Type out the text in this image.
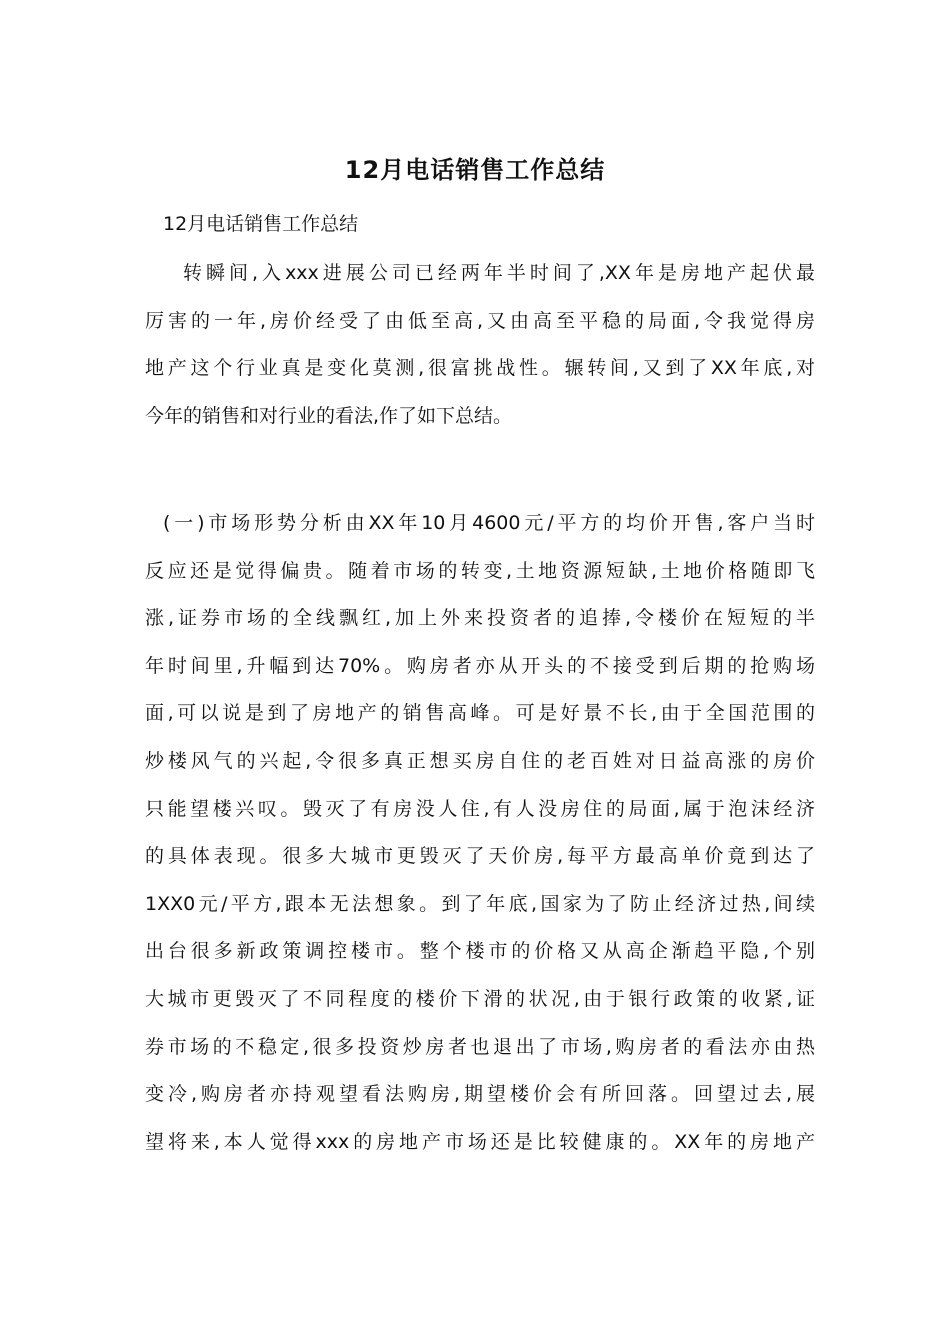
12月电话销售工作总结
12月电话销售工作总结
转瞬间,入xxx进展公司已经两年半时间了,XX年是房地产起伏最
厉害的一年,房价经受了由低至高,又由高至平稳的局面,令我觉得房
地产这个行业真是变化莫测,很富挑战性。辗转间,又到了XX年底,对
今年的销售和对行业的看法,作了如下总结。
(一)市场形势分析由XX年10月4600元/平方的均价开售,客户当时
反应还是觉得偏贵。随着市场的转变,土地资源短缺,土地价格随即飞
涨,证券市场的全线飘红,加上外来投资者的追捧,令楼价在短短的半
年时间里,升幅到达70%。购房者亦从开头的不接受到后期的抢购场
面,可以说是到了房地产的销售高峰。可是好景不长,由于全国范围的
炒楼风气的兴起,令很多真正想买房自住的老百姓对日益高涨的房价
只能望楼兴叹。毁灭了有房没人住,有人没房住的局面,属于泡沫经济
的具体表现。很多大城市更毁灭了天价房,每平方最高单价竟到达了
1XX0元/平方,跟本无法想象。到了年底,国家为了防止经济过热,间续
出台很多新政策调控楼市。整个楼市的价格又从高企渐趋平隐,个别
大城市更毁灭了不同程度的楼价下滑的状况,由于银行政策的收紧,证
券市场的不稳定,很多投资炒房者也退出了市场,购房者的看法亦由热
变冷,购房者亦持观望看法购房,期望楼价会有所回落。回望过去,展
望将来,本人觉得xxx的房地产市场还是比较健康的。XX年的房地产
